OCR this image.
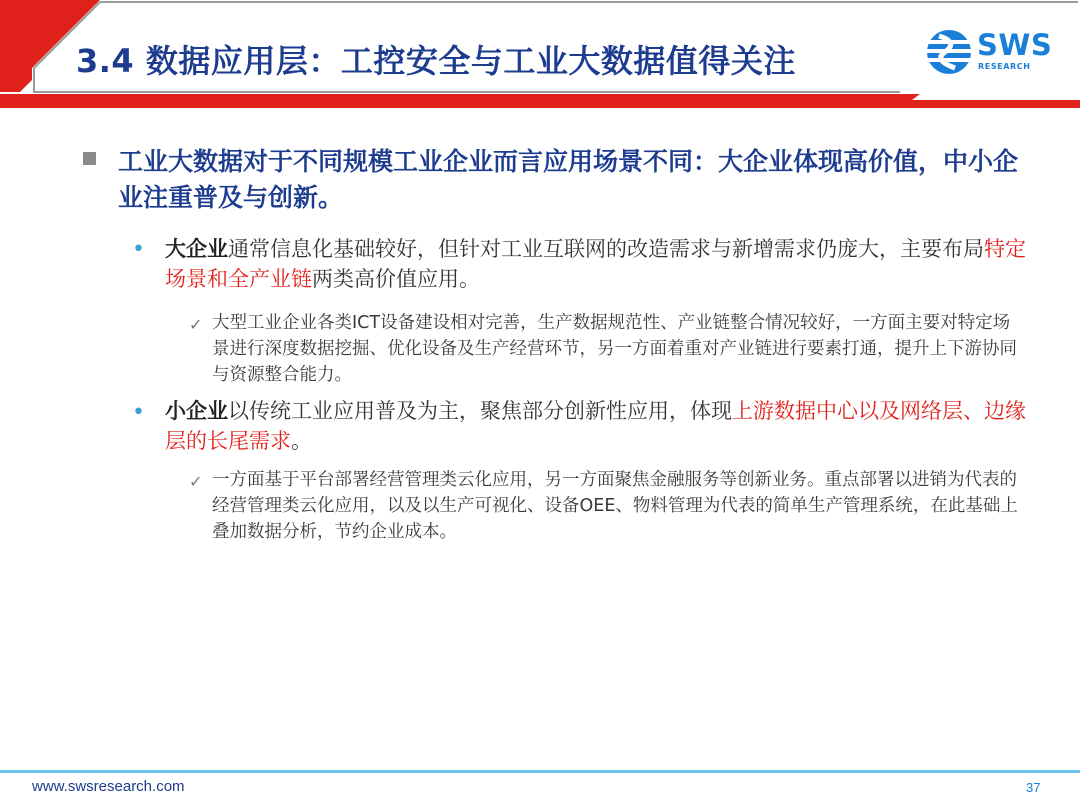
3.4 数据应用层：工控安全与工业大数据值得关注	SWS
RESEARCH
工业大数据对于不同规模工业企业而言应用场景不同：大企业体现高价值，中小企业注重普及与创新。
• 大企业通常信息化基础较好，但针对工业互联网的改造需求与新增需求仍庞大，主要布局特定场景和全产业链两类高价值应用。
✓ 大型工业企业各类ICT设备建设相对完善，生产数据规范性、产业链整合情况较好，一方面主要对特定场景进行深度数据挖掘、优化设备及生产经营环节，另一方面着重对产业链进行要素打通，提升上下游协同与资源整合能力。
• 小企业以传统工业应用普及为主，聚焦部分创新性应用，体现上游数据中心以及网络层、边缘层的长尾需求。
✓ 一方面基于平台部署经营管理类云化应用，另一方面聚焦金融服务等创新业务。重点部署以进销为代表的经营管理类云化应用，以及以生产可视化、设备OEE、物料管理为代表的简单生产管理系统，在此基础上叠加数据分析，节约企业成本。
www.swsresearch.com	37
